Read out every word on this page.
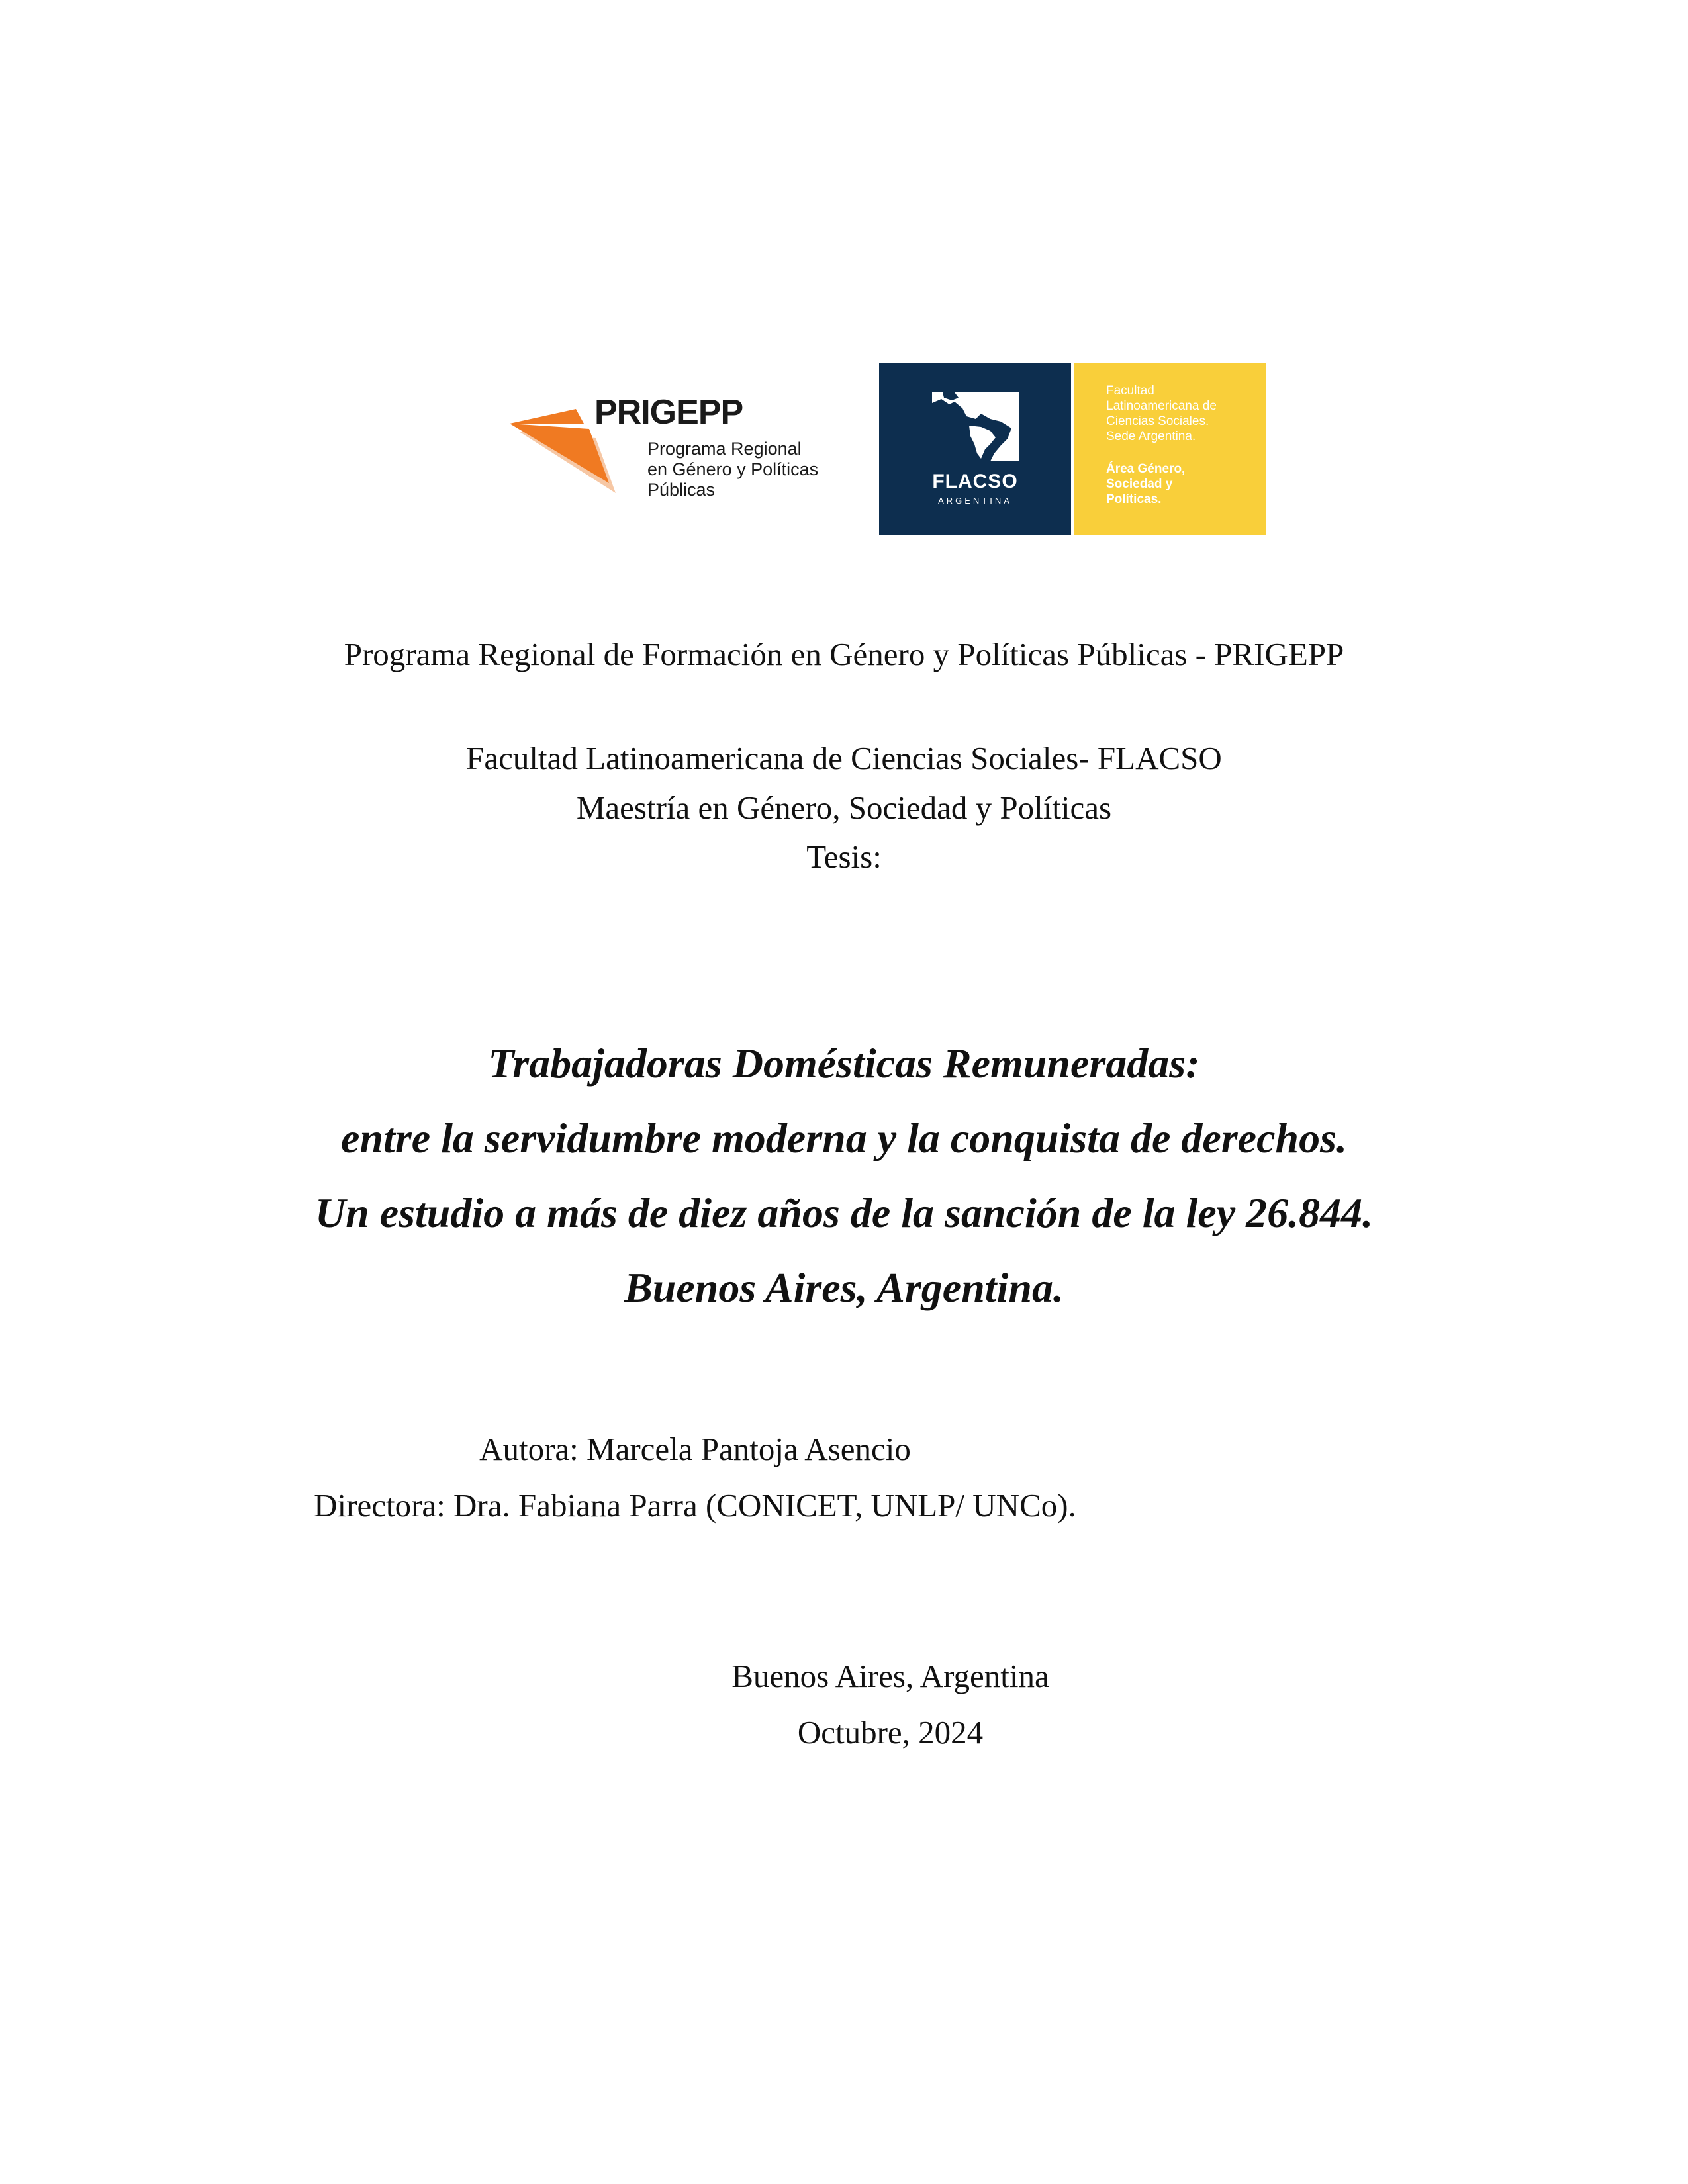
PRIGEPP
Programa Regional
en Género y Políticas
Públicas	FLACSO
ARGENTINA
Facultad
Latinoamericana de
Ciencias Sociales.
Sede Argentina.
Área Género,
Sociedad y
Políticas.
Programa Regional de Formación en Género y Políticas Públicas - PRIGEPP
Facultad Latinoamericana de Ciencias Sociales- FLACSO
Maestría en Género, Sociedad y Políticas
Tesis:
Trabajadoras Domésticas Remuneradas:
entre la servidumbre moderna y la conquista de derechos.
Un estudio a más de diez años de la sanción de la ley 26.844.
Buenos Aires, Argentina.
Autora: Marcela Pantoja Asencio
Directora: Dra. Fabiana Parra (CONICET, UNLP/ UNCo).
Buenos Aires, Argentina
Octubre, 2024
